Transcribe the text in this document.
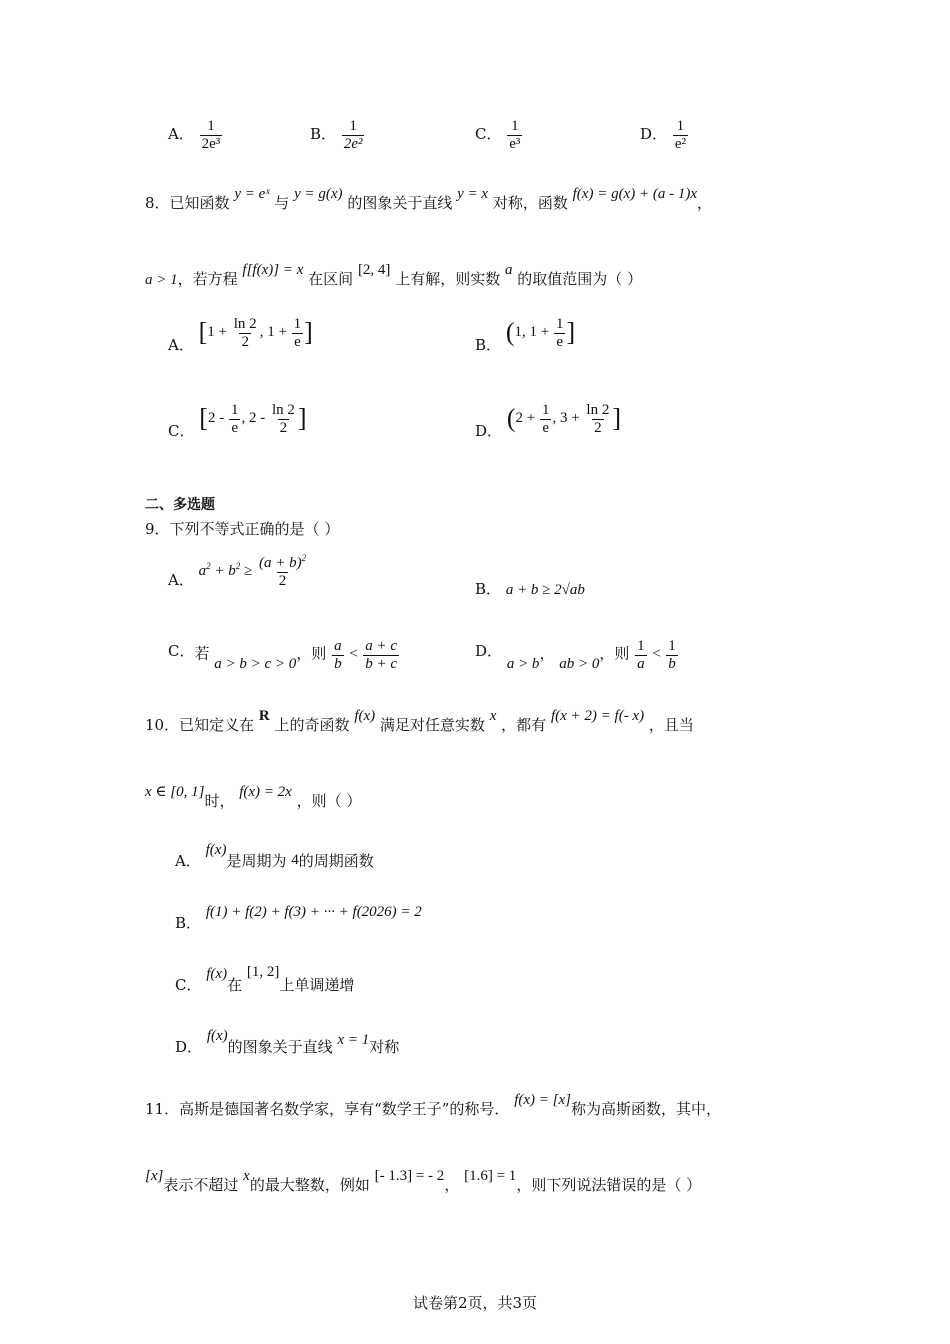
A． $\frac{1}{\text{2e³}}$	B． $\frac{1}{\text{2e²}}$	C． $\frac{1}{\text{e³}}$	D． $\frac{1}{\text{e²}}$
8．已知函数 y = eˣ 与 y = g(x) 的图象关于直线 y = x 对称，函数 f(x) = g(x) + (a - 1)x，
a > 1，若方程 f[f(x)] = x 在区间 [2, 4] 上有解，则实数 a 的取值范围为（ ）
A． [$1 + \frac{\ln 2}{2}$ , $1 + \frac{1}{e}$ ]	B． (1, $1 + \frac{1}{e}$ ]
C． [$2 - \frac{1}{e}$ , $2 - \frac{\ln 2}{2}$ ]	D． ($2 + \frac{1}{e}$ , $3 + \frac{\ln 2}{2}$ ]
二、多选题
9．下列不等式正确的是（ ）
A． $a^2 + b^2 \ge \frac{(a + b)^2}{2}$	B． a + b ≥ 2√ab
C．若 a > b > c > 0，则 $\frac{a}{b} < \frac{a + c}{b + c}$	D． a > b， ab > 0，则 $\frac{1}{a} < \frac{1}{b}$
10．已知定义在 R 上的奇函数 f(x) 满足对任意实数 x ，都有 f(x + 2) = f(- x) ，且当
x ∈ [0, 1]时， f(x) = 2x ，则（ ）
A． f(x)是周期为 4的周期函数
B． f(1) + f(2) + f(3) + ··· + f(2026) = 2
C． f(x)在 [1, 2]上单调递增
D． f(x)的图象关于直线 x = 1对称
11．高斯是德国著名数学家，享有“数学王子”的称号． f(x) = [x]称为高斯函数，其中，
[x]表示不超过 x的最大整数，例如 [- 1.3] = - 2， [1.6] = 1，则下列说法错误的是（ ）
试卷第2页，共3页
